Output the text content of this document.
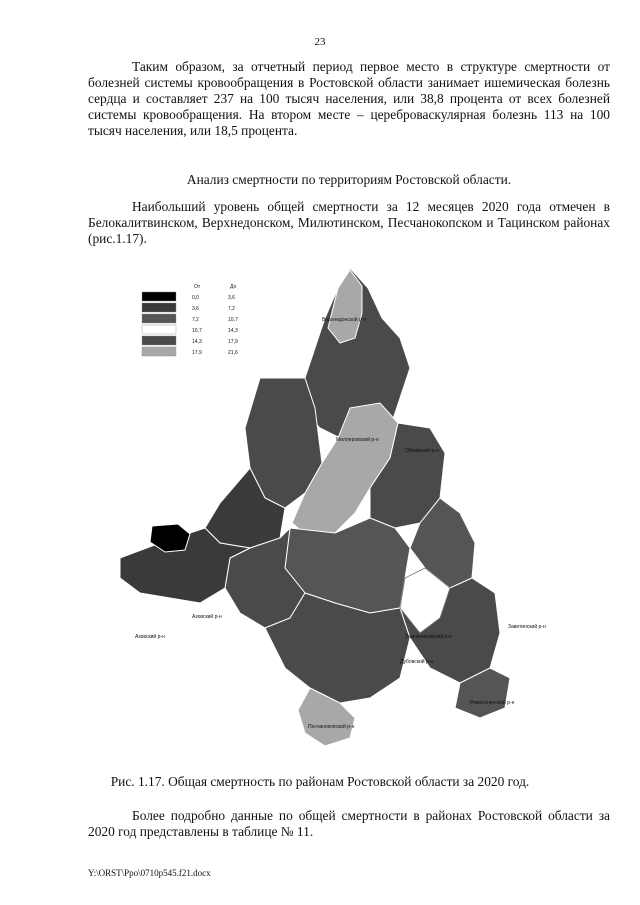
23
Таким образом, за отчетный период первое место в структуре смертности от болезней системы кровообращения в Ростовской области занимает ишемическая болезнь сердца и составляет 237 на 100 тысяч населения, или 38,8 процента от всех болезней системы кровообращения. На втором месте – цереброваскулярная болезнь 113 на 100 тысяч населения, или 18,5 процента.
Анализ смертности по территориям Ростовской области.
Наибольший уровень общей смертности за 12 месяцев 2020 года отмечен в Белокалитвинском, Верхнедонском, Милютинском, Песчанокопском и Тацинском районах (рис.1.17).
Верхнедонской р-н
Миллеровский р-н
Обливский р-н
Азовский р-н
Азовский р-н	Зимовниковский р-н
Дубовский р-н
Заветинский р-н
Ремонтненский р-н
Песчанокопский р-н
От	До
0,0	3,6
3,6	7,2
7,2	10,7
10,7	14,3
14,3	17,9
17,9	21,6
Рис. 1.17. Общая смертность по районам Ростовской области за 2020 год.
Более подробно данные по общей смертности в районах Ростовской области за 2020 год представлены в таблице № 11.
Y:\ORST\Ppo\0710p545.f21.docx
